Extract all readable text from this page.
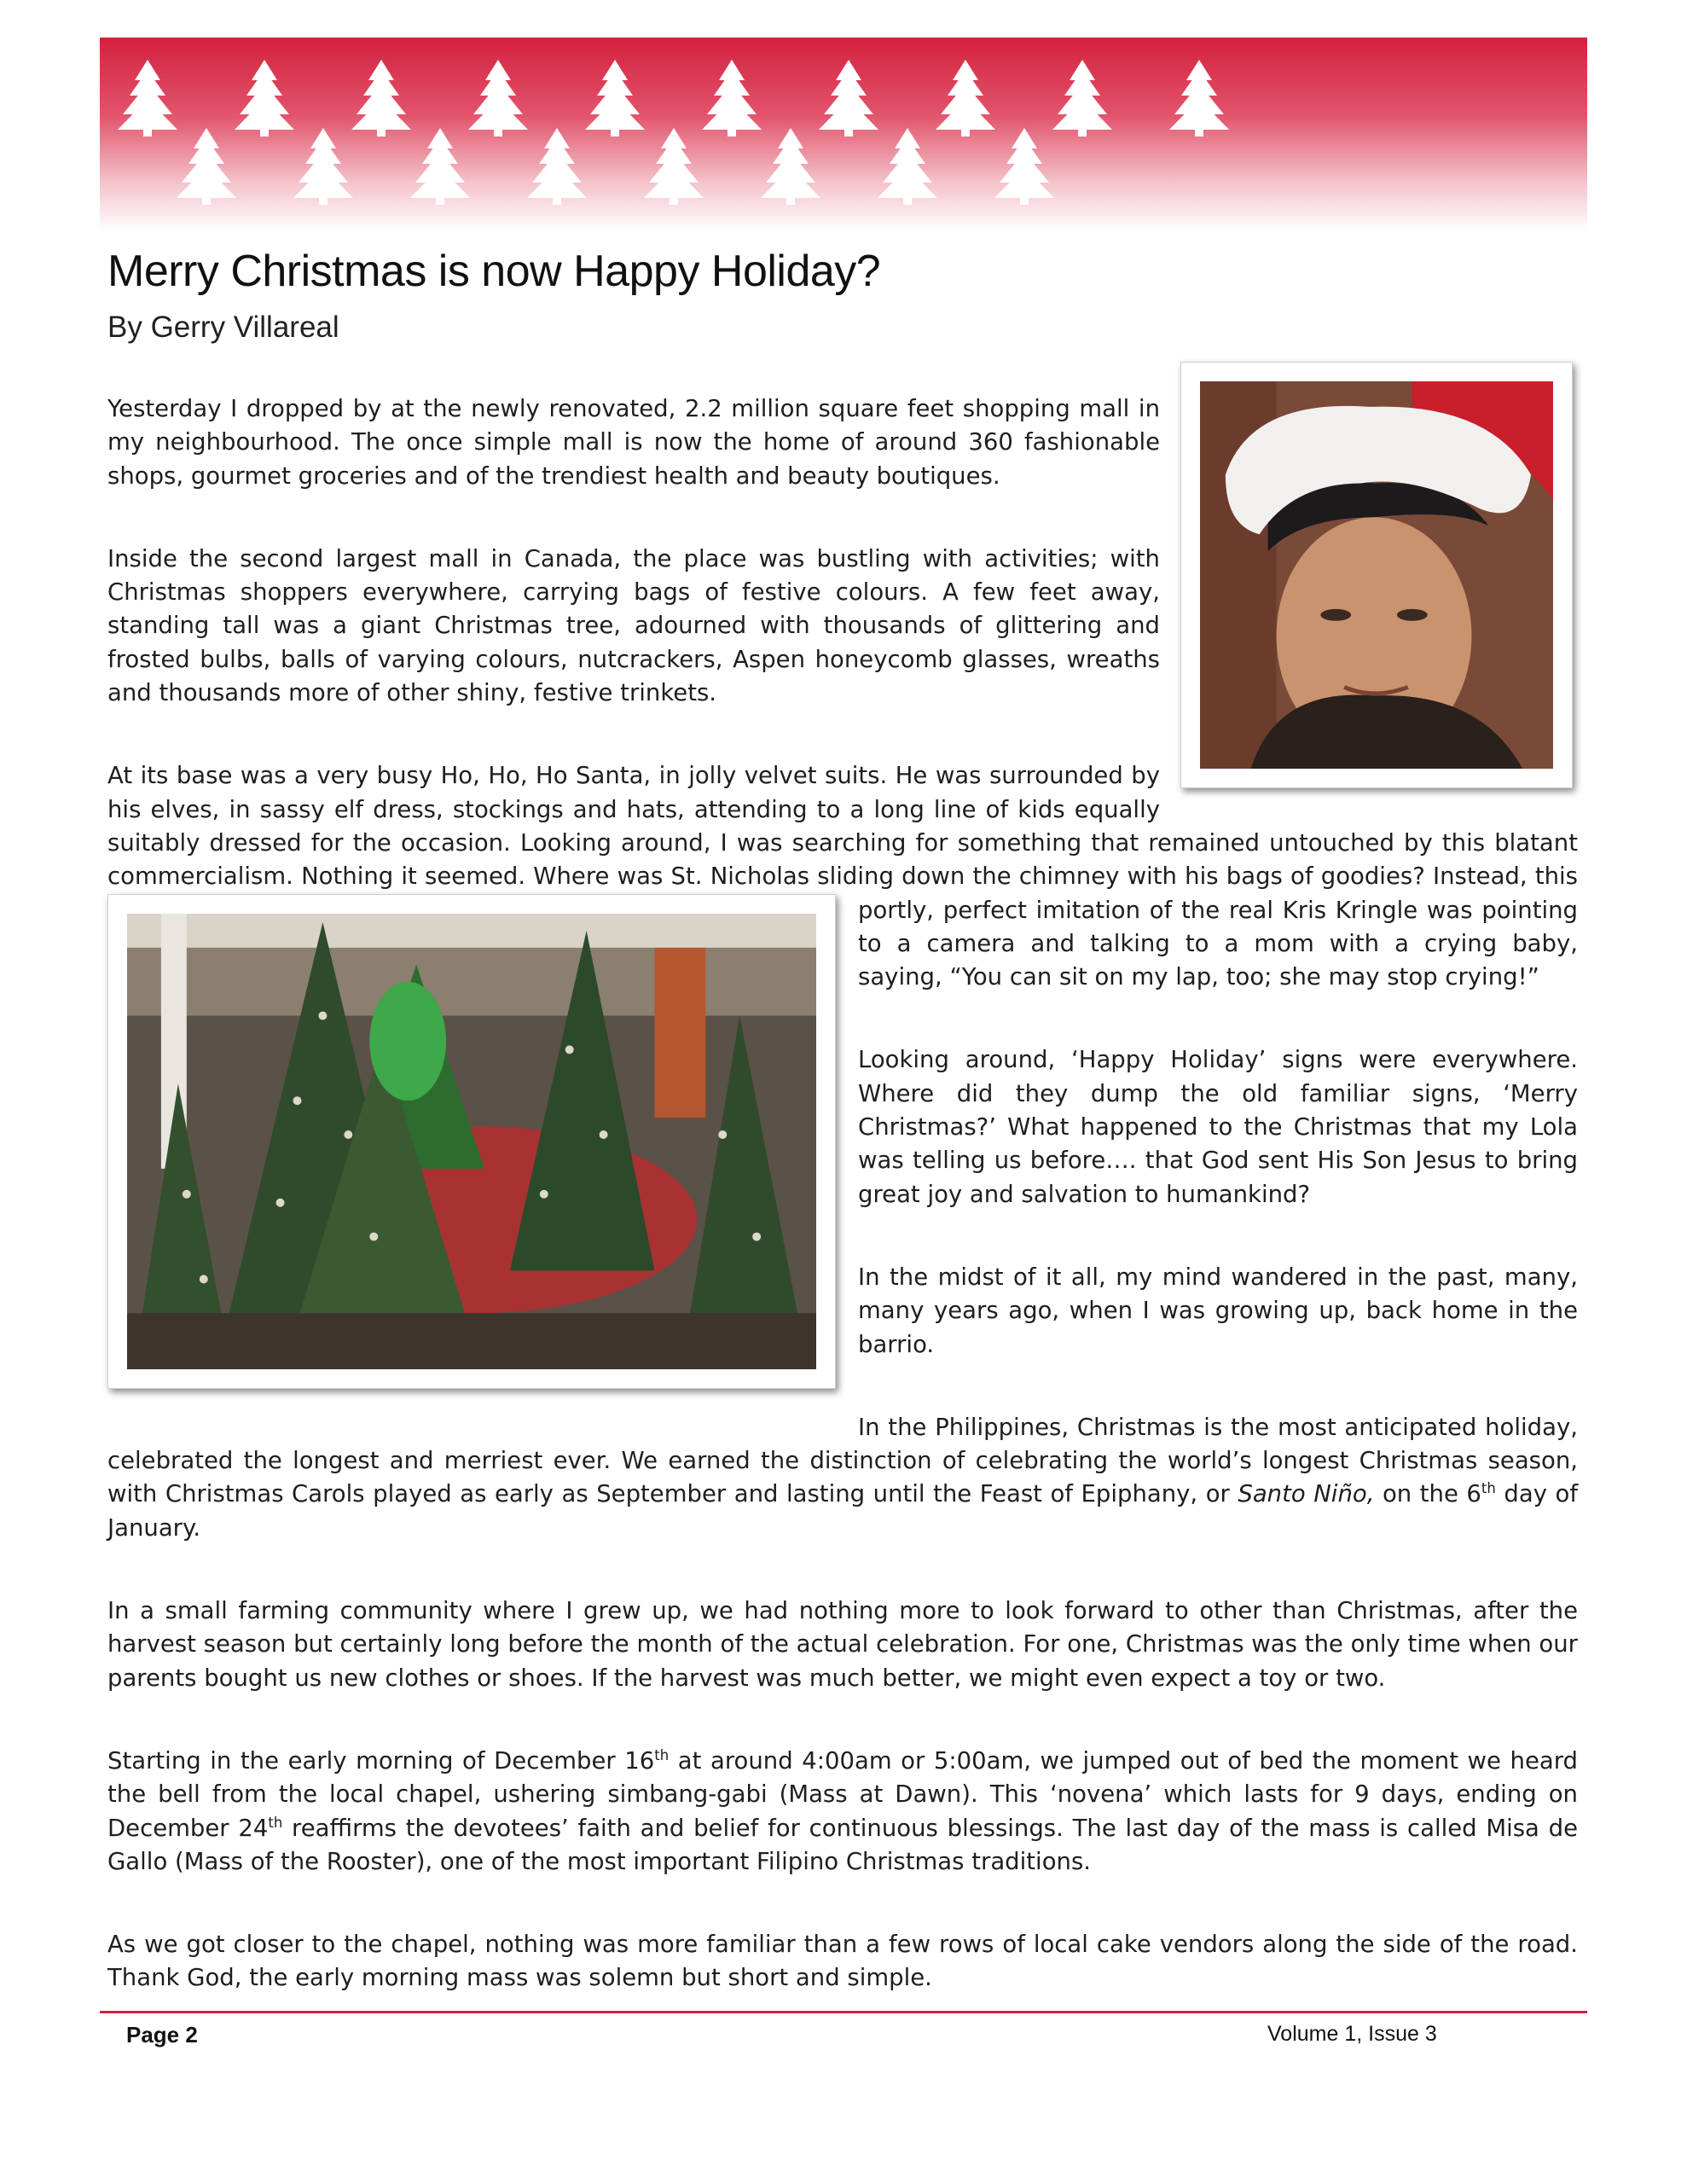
Merry Christmas is now Happy Holiday?
By Gerry Villareal

Yesterday I dropped by at the newly renovated, 2.2 million square feet shopping mall in my neighbourhood. The once simple mall is now the home of around 360 fashionable shops, gourmet groceries and of the trendiest health and beauty boutiques.

Inside the second largest mall in Canada, the place was bustling with activities; with Christmas shoppers everywhere, carrying bags of festive colours. A few feet away, standing tall was a giant Christmas tree, adourned with thousands of glittering and frosted bulbs, balls of varying colours, nutcrackers, Aspen honeycomb glasses, wreaths and thousands more of other shiny, festive trinkets.

At its base was a very busy Ho, Ho, Ho Santa, in jolly velvet suits. He was surrounded by his elves, in sassy elf dress, stockings and hats, attending to a long line of kids equally suitably dressed for the occasion. Looking around, I was searching for something that remained untouched by this blatant commercialism. Nothing it seemed. Where was St. Nicholas sliding down the chimney with his bags of goodies?
Instead, this portly, perfect imitation of the real Kris Kringle was pointing to a camera and talking to a mom with a crying baby, saying, “You can sit on my lap, too; she may stop crying!”

Looking around, ‘Happy Holiday’ signs were everywhere. Where did they dump the old familiar signs, ‘Merry Christmas?’ What happened to the Christmas that my Lola was telling us before…. that God sent His Son Jesus to bring great joy and salvation to humankind?

In the midst of it all, my mind wandered in the past, many, many years ago, when I was growing up, back home in the barrio.

In the Philippines, Christmas is the most anticipated holiday, celebrated the longest and merriest ever. We earned the distinction of celebrating the world’s longest Christmas season, with Christmas Carols played as early as September and lasting until the Feast of Epiphany, or Santo Niño, on the 6th day of January.

In a small farming community where I grew up, we had nothing more to look forward to other than Christmas, after the harvest season but certainly long before the month of the actual celebration. For one, Christmas was the only time when our parents bought us new clothes or shoes. If the harvest was much better, we might even expect a toy or two.

Starting in the early morning of December 16th at around 4:00am or 5:00am, we jumped out of bed the moment we heard the bell from the local chapel, ushering simbang-gabi (Mass at Dawn). This ‘novena’ which lasts for 9 days, ending on December 24th reaffirms the devotees’ faith and belief for continuous blessings. The last day of the mass is called Misa de Gallo (Mass of the Rooster), one of the most important Filipino Christmas traditions.

As we got closer to the chapel, nothing was more familiar than a few rows of local cake vendors along the side of the road. Thank God, the early morning mass was solemn but short and simple.

Page 2	Volume 1, Issue 3
